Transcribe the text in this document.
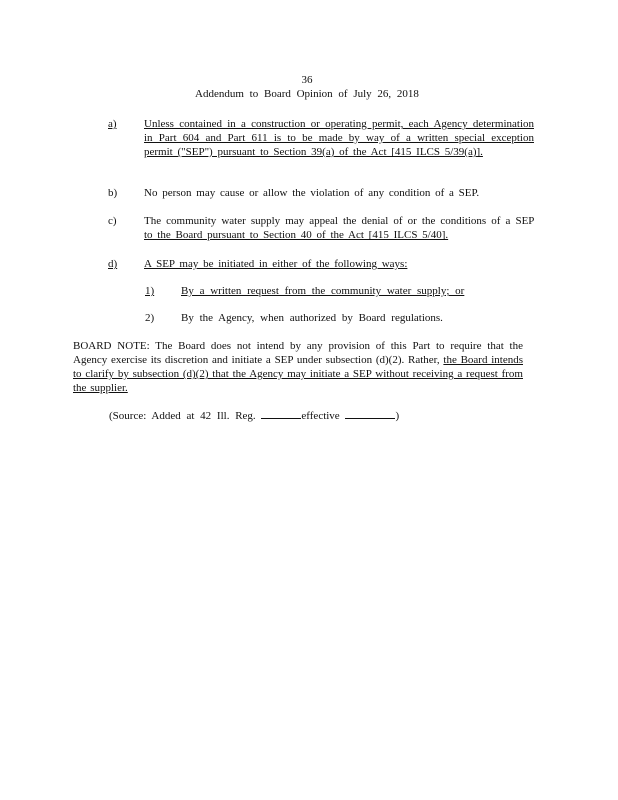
36
Addendum to Board Opinion of July 26, 2018
a) Unless contained in a construction or operating permit, each Agency determination in Part 604 and Part 611 is to be made by way of a written special exception permit ("SEP") pursuant to Section 39(a) of the Act [415 ILCS 5/39(a)].
b) No person may cause or allow the violation of any condition of a SEP.
c) The community water supply may appeal the denial of or the conditions of a SEP to the Board pursuant to Section 40 of the Act [415 ILCS 5/40].
d) A SEP may be initiated in either of the following ways:
1) By a written request from the community water supply; or
2) By the Agency, when authorized by Board regulations.
BOARD NOTE: The Board does not intend by any provision of this Part to require that the Agency exercise its discretion and initiate a SEP under subsection (d)(2). Rather, the Board intends to clarify by subsection (d)(2) that the Agency may initiate a SEP without receiving a request from the supplier.
(Source: Added at 42 Ill. Reg.	effective	)
